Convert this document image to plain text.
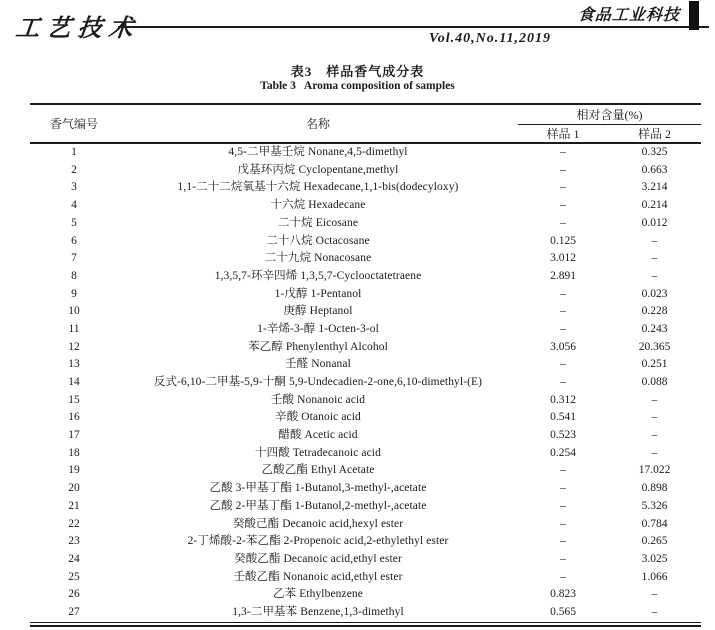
工艺技术
食品工业科技
Vol.40,No.11,2019
表3　样品香气成分表
Table 3   Aroma composition of samples
香气编号	名称	相对含量(%)	
		样品 1	样品 2
1	4,5-二甲基壬烷 Nonane,4,5-dimethyl	–	0.325
2	戊基环丙烷 Cyclopentane,methyl	–	0.663
3	1,1-二十二烷氧基十六烷 Hexadecane,1,1-bis(dodecyloxy)	–	3.214
4	十六烷 Hexadecane	–	0.214
5	二十烷 Eicosane	–	0.012
6	二十八烷 Octacosane	0.125	–
7	二十九烷 Nonacosane	3.012	–
8	1,3,5,7-环辛四烯 1,3,5,7-Cyclooctatetraene	2.891	–
9	1-戊醇 1-Pentanol	–	0.023
10	庚醇 Heptanol	–	0.228
11	1-辛烯-3-醇 1-Octen-3-ol	–	0.243
12	苯乙醇 Phenylenthyl Alcohol	3.056	20.365
13	壬醛 Nonanal	–	0.251
14	反式-6,10-二甲基-5,9-十酮 5,9-Undecadien-2-one,6,10-dimethyl-(E)	–	0.088
15	壬酸 Nonanoic acid	0.312	–
16	辛酸 Otanoic acid	0.541	–
17	醋酸 Acetic acid	0.523	–
18	十四酸 Tetradecanoic acid	0.254	–
19	乙酸乙酯 Ethyl Acetate	–	17.022
20	乙酸 3-甲基丁酯 1-Butanol,3-methyl-,acetate	–	0.898
21	乙酸 2-甲基丁酯 1-Butanol,2-methyl-,acetate	–	5.326
22	癸酸己酯 Decanoic acid,hexyl ester	–	0.784
23	2-丁烯酸-2-苯乙酯 2-Propenoic acid,2-ethylethyl ester	–	0.265
24	癸酸乙酯 Decanoic acid,ethyl ester	–	3.025
25	壬酸乙酯 Nonanoic acid,ethyl ester	–	1.066
26	乙苯 Ethylbenzene	0.823	–
27	1,3-二甲基苯 Benzene,1,3-dimethyl	0.565	–
